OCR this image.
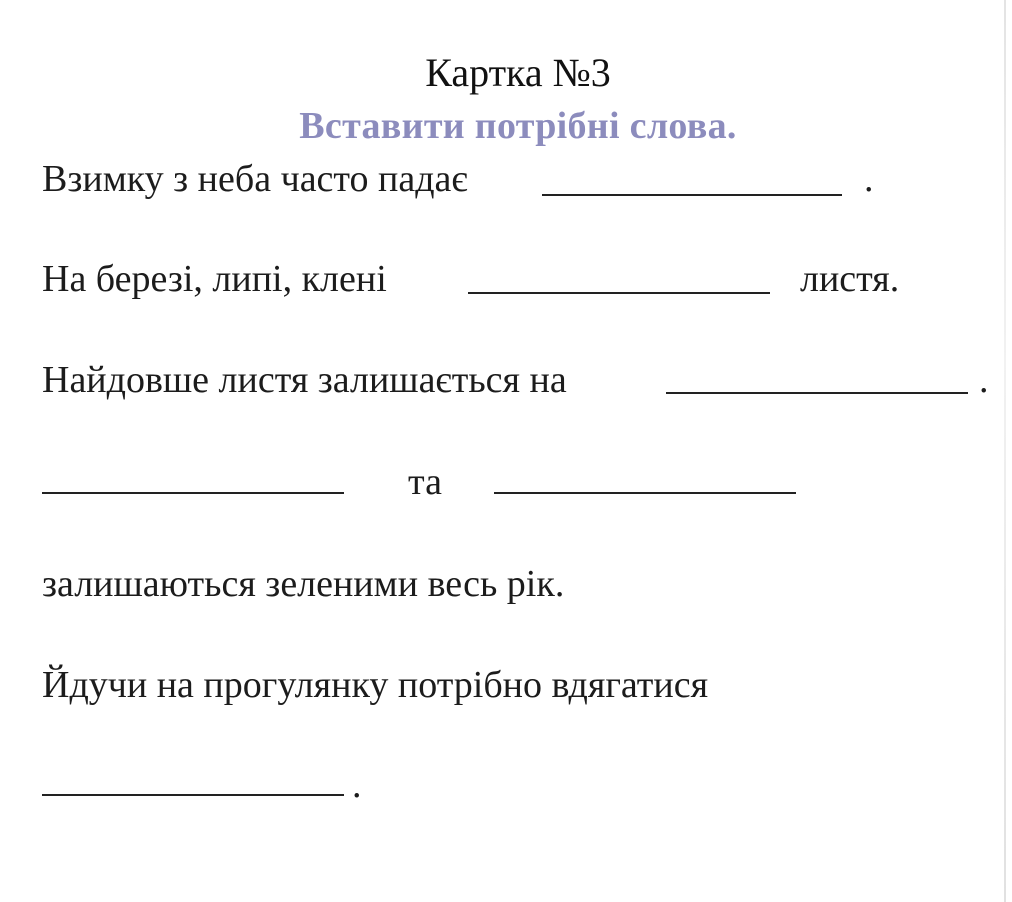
Картка №3
Вставити потрібні слова.
Взимку з неба часто падає	.
На березі, липі, клені	листя.
Найдовше листя залишається на	.
та
залишаються зеленими весь рік.
Йдучи на прогулянку потрібно вдягатися
.
